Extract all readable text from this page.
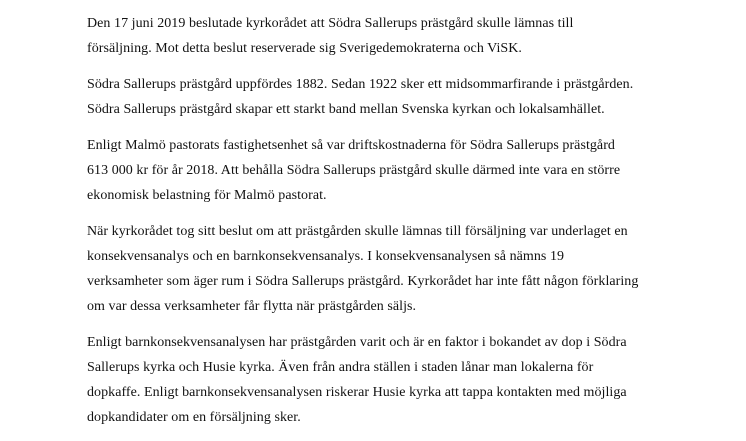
Den 17 juni 2019 beslutade kyrkorådet att Södra Sallerups prästgård skulle lämnas till
försäljning. Mot detta beslut reserverade sig Sverigedemokraterna och ViSK.

Södra Sallerups prästgård uppfördes 1882. Sedan 1922 sker ett midsommarfirande i prästgården.
Södra Sallerups prästgård skapar ett starkt band mellan Svenska kyrkan och lokalsamhället.

Enligt Malmö pastorats fastighetsenhet så var driftskostnaderna för Södra Sallerups prästgård
613 000 kr för år 2018. Att behålla Södra Sallerups prästgård skulle därmed inte vara en större
ekonomisk belastning för Malmö pastorat.

När kyrkorådet tog sitt beslut om att prästgården skulle lämnas till försäljning var underlaget en
konsekvensanalys och en barnkonsekvensanalys. I konsekvensanalysen så nämns 19
verksamheter som äger rum i Södra Sallerups prästgård. Kyrkorådet har inte fått någon förklaring
om var dessa verksamheter får flytta när prästgården säljs.

Enligt barnkonsekvensanalysen har prästgården varit och är en faktor i bokandet av dop i Södra
Sallerups kyrka och Husie kyrka. Även från andra ställen i staden lånar man lokalerna för
dopkaffe. Enligt barnkonsekvensanalysen riskerar Husie kyrka att tappa kontakten med möjliga
dopkandidater om en försäljning sker.
